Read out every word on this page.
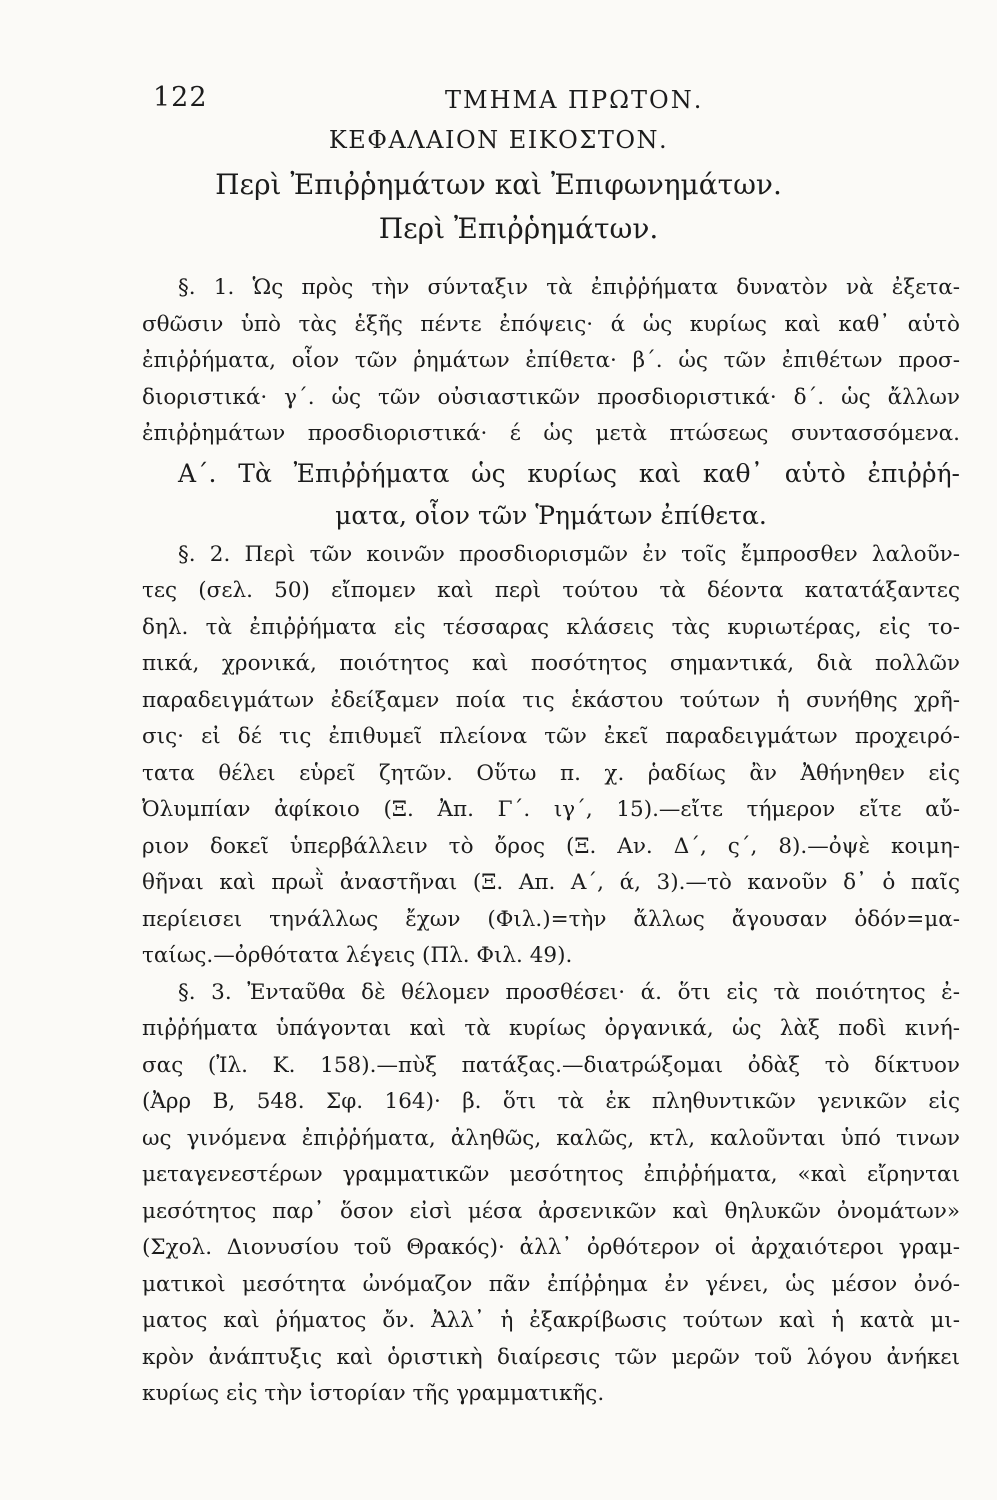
122	ΤΜΗΜΑ ΠΡΩΤΟΝ.
ΚΕΦΑΛΑΙΟΝ ΕΙΚΟΣΤΟΝ.
Περὶ Ἐπιῤῥημάτων καὶ Ἐπιφωνημάτων.
Περὶ Ἐπιῤῥημάτων.
§. 1. Ὡς πρὸς τὴν σύνταξιν τὰ ἐπιῤῥήματα δυνατὸν νὰ ἐξετα-
σθῶσιν ὑπὸ τὰς ἑξῆς πέντε ἐπόψεις· ά ὡς κυρίως καὶ καθ᾽ αὑτὸ
ἐπιῤῥήματα, οἷον τῶν ῥημάτων ἐπίθετα· β΄. ὡς τῶν ἐπιθέτων προσ-
διοριστικά· γ΄. ὡς τῶν οὐσιαστικῶν προσδιοριστικά· δ΄. ὡς ἄλλων
ἐπιῤῥημάτων προσδιοριστικά· έ ὡς μετὰ πτώσεως συντασσόμενα.
Α΄. Τὰ Ἐπιῤῥήματα ὡς κυρίως καὶ καθ᾽ αὑτὸ ἐπιῤῥή-
ματα, οἷον τῶν Ῥημάτων ἐπίθετα.
§. 2. Περὶ τῶν κοινῶν προσδιορισμῶν ἐν τοῖς ἔμπροσθεν λαλοῦν-
τες (σελ. 50) εἴπομεν καὶ περὶ τούτου τὰ δέοντα κατατάξαντες
δηλ. τὰ ἐπιῤῥήματα εἰς τέσσαρας κλάσεις τὰς κυριωτέρας, εἰς το-
πικά, χρονικά, ποιότητος καὶ ποσότητος σημαντικά, διὰ πολλῶν
παραδειγμάτων ἐδείξαμεν ποία τις ἑκάστου τούτων ἡ συνήθης χρῆ-
σις· εἰ δέ τις ἐπιθυμεῖ πλείονα τῶν ἐκεῖ παραδειγμάτων προχειρό-
τατα θέλει εὑρεῖ ζητῶν. Οὕτω π. χ. ῥαδίως ἂν Ἀθήνηθεν εἰς
Ὀλυμπίαν ἀφίκοιο (Ξ. Ἀπ. Γ΄. ιγ΄, 15).—εἴτε τήμερον εἴτε αὔ-
ριον δοκεῖ ὑπερβάλλειν τὸ ὄρος (Ξ. Αν. Δ΄, ς΄, 8).—ὀψὲ κοιμη-
θῆναι καὶ πρωῒ ἀναστῆναι (Ξ. Απ. Α΄, ά, 3).—τὸ κανοῦν δ᾽ ὁ παῖς
περίεισει τηνάλλως ἔχων (Φιλ.)=τὴν ἄλλως ἄγουσαν ὁδόν=μα-
ταίως.—ὀρθότατα λέγεις (Πλ. Φιλ. 49).
§. 3. Ἐνταῦθα δὲ θέλομεν προσθέσει· ά. ὅτι εἰς τὰ ποιότητος ἐ-
πιῤῥήματα ὑπάγονται καὶ τὰ κυρίως ὀργανικά, ὡς λὰξ ποδὶ κινή-
σας (Ἰλ. Κ. 158).—πὺξ πατάξας.—διατρώξομαι ὀδὰξ τὸ δίκτυον
(Ἀρρ Β, 548. Σφ. 164)· β. ὅτι τὰ ἐκ πληθυντικῶν γενικῶν εἰς
ως γινόμενα ἐπιῤῥήματα, ἀληθῶς, καλῶς, κτλ, καλοῦνται ὑπό τινων
μεταγενεστέρων γραμματικῶν μεσότητος ἐπιῤῥήματα, «καὶ εἴρηνται
μεσότητος παρ᾽ ὅσον εἰσὶ μέσα ἀρσενικῶν καὶ θηλυκῶν ὀνομάτων»
(Σχολ. Διονυσίου τοῦ Θρακός)· ἀλλ᾽ ὀρθότερον οἱ ἀρχαιότεροι γραμ-
ματικοὶ μεσότητα ὠνόμαζον πᾶν ἐπίῤῥημα ἐν γένει, ὡς μέσον ὀνό-
ματος καὶ ῥήματος ὄν. Ἀλλ᾽ ἡ ἐξακρίβωσις τούτων καὶ ἡ κατὰ μι-
κρὸν ἀνάπτυξις καὶ ὁριστικὴ διαίρεσις τῶν μερῶν τοῦ λόγου ἀνήκει
κυρίως εἰς τὴν ἱστορίαν τῆς γραμματικῆς.
